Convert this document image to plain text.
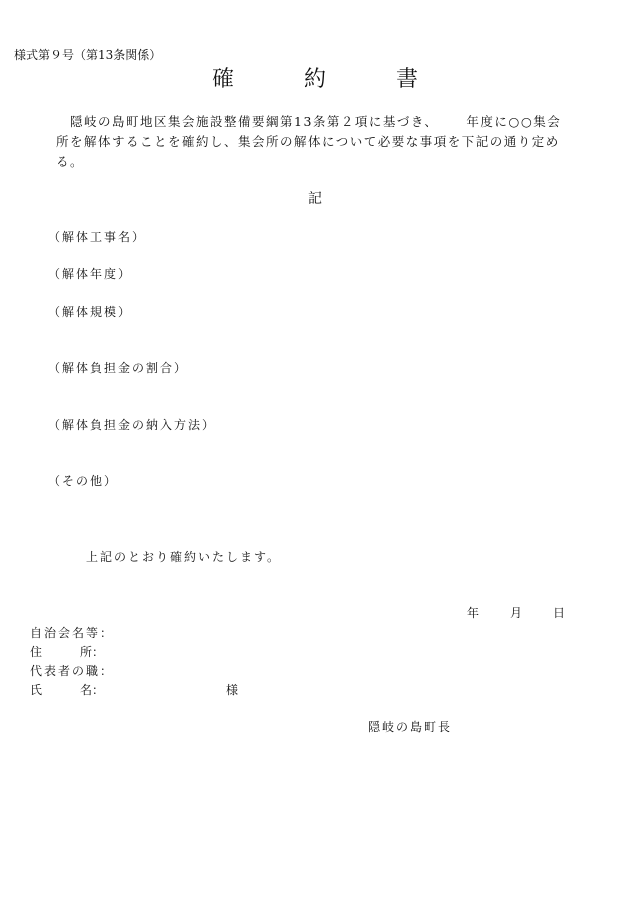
様式第９号（第13条関係）
確	約	書
隠岐の島町地区集会施設整備要綱第13条第２項に基づき、 年度に○○集会
所を解体することを確約し、集会所の解体について必要な事項を下記の通り定め
る。
記
（解体工事名）
（解体年度）
（解体規模）
（解体負担金の割合）
（解体負担金の納入方法）
（その他）
上記のとおり確約いたします。
年	月	日
自治会名等：
住	所：
代表者の職：
氏	名：	様
隠岐の島町長
